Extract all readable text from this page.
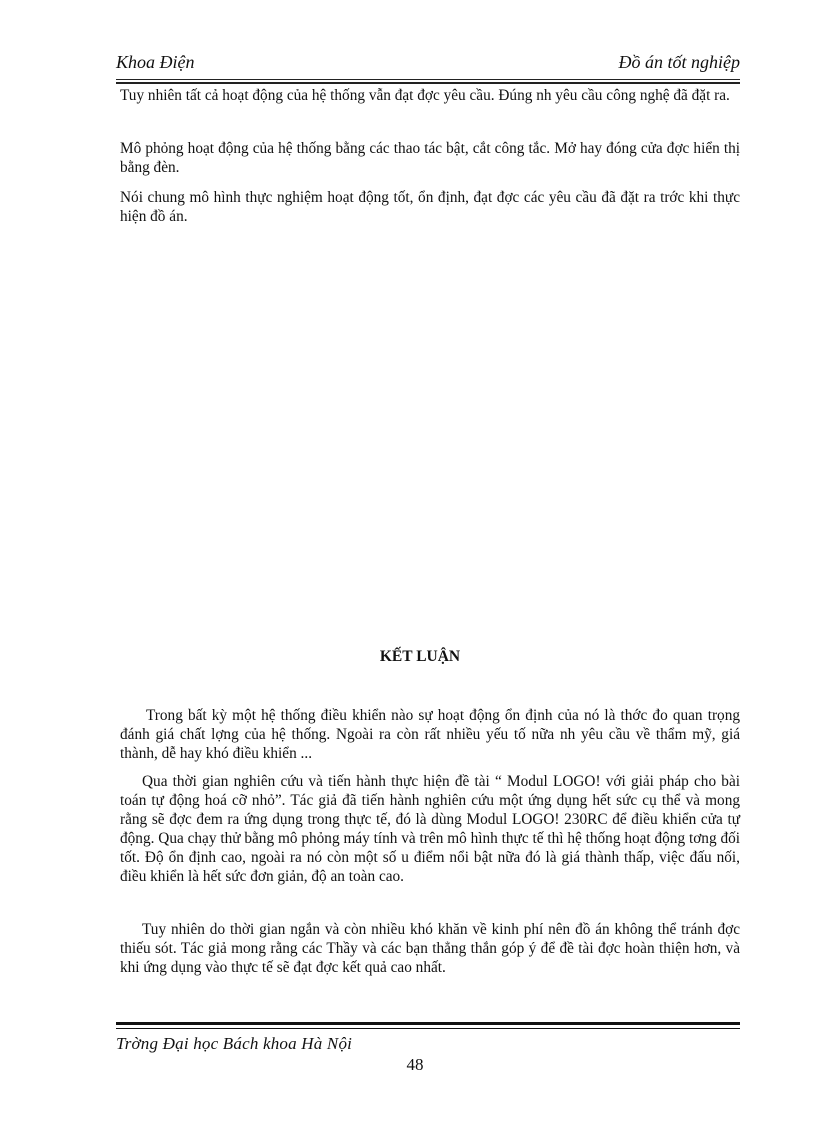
Khoa Điện	Đồ án tốt nghiệp

Tuy nhiên tất cả hoạt động của hệ thống vẫn đạt đợc yêu cầu. Đúng nh yêu cầu công nghệ đã đặt ra.

Mô phỏng hoạt động của hệ thống bằng các thao tác bật, cắt công tắc. Mở hay đóng cửa đợc hiển thị bằng đèn.

Nói chung mô hình thực nghiệm hoạt động tốt, ổn định, đạt đợc các yêu cầu đã đặt ra trớc khi thực hiện đồ án.

KẾT LUẬN

Trong bất kỳ một hệ thống điều khiển nào sự hoạt động ổn định của nó là thớc đo quan trọng đánh giá chất lợng của hệ thống. Ngoài ra còn rất nhiều yếu tố nữa nh yêu cầu về thẩm mỹ, giá thành, dễ hay khó điều khiển ...

Qua thời gian nghiên cứu và tiến hành thực hiện đề tài “ Modul LOGO! với giải pháp cho bài toán tự động hoá cỡ nhỏ”. Tác giả đã tiến hành nghiên cứu một ứng dụng hết sức cụ thể và mong rằng sẽ đợc đem ra ứng dụng trong thực tế, đó là dùng Modul LOGO! 230RC để điều khiển cửa tự động. Qua chạy thử bằng mô phỏng máy tính và trên mô hình thực tế thì hệ thống hoạt động tơng đối tốt. Độ ổn định cao, ngoài ra nó còn một số u điểm nổi bật nữa đó là giá thành thấp, việc đấu nối, điều khiển là hết sức đơn giản, độ an toàn cao.

Tuy nhiên do thời gian ngắn và còn nhiều khó khăn về kinh phí nên đồ án không thể tránh đợc thiếu sót. Tác giả mong rằng các Thầy và các bạn thẳng thắn góp ý để đề tài đợc hoàn thiện hơn, và khi ứng dụng vào thực tế sẽ đạt đợc kết quả cao nhất.

Trờng Đại học Bách khoa Hà Nội
48
